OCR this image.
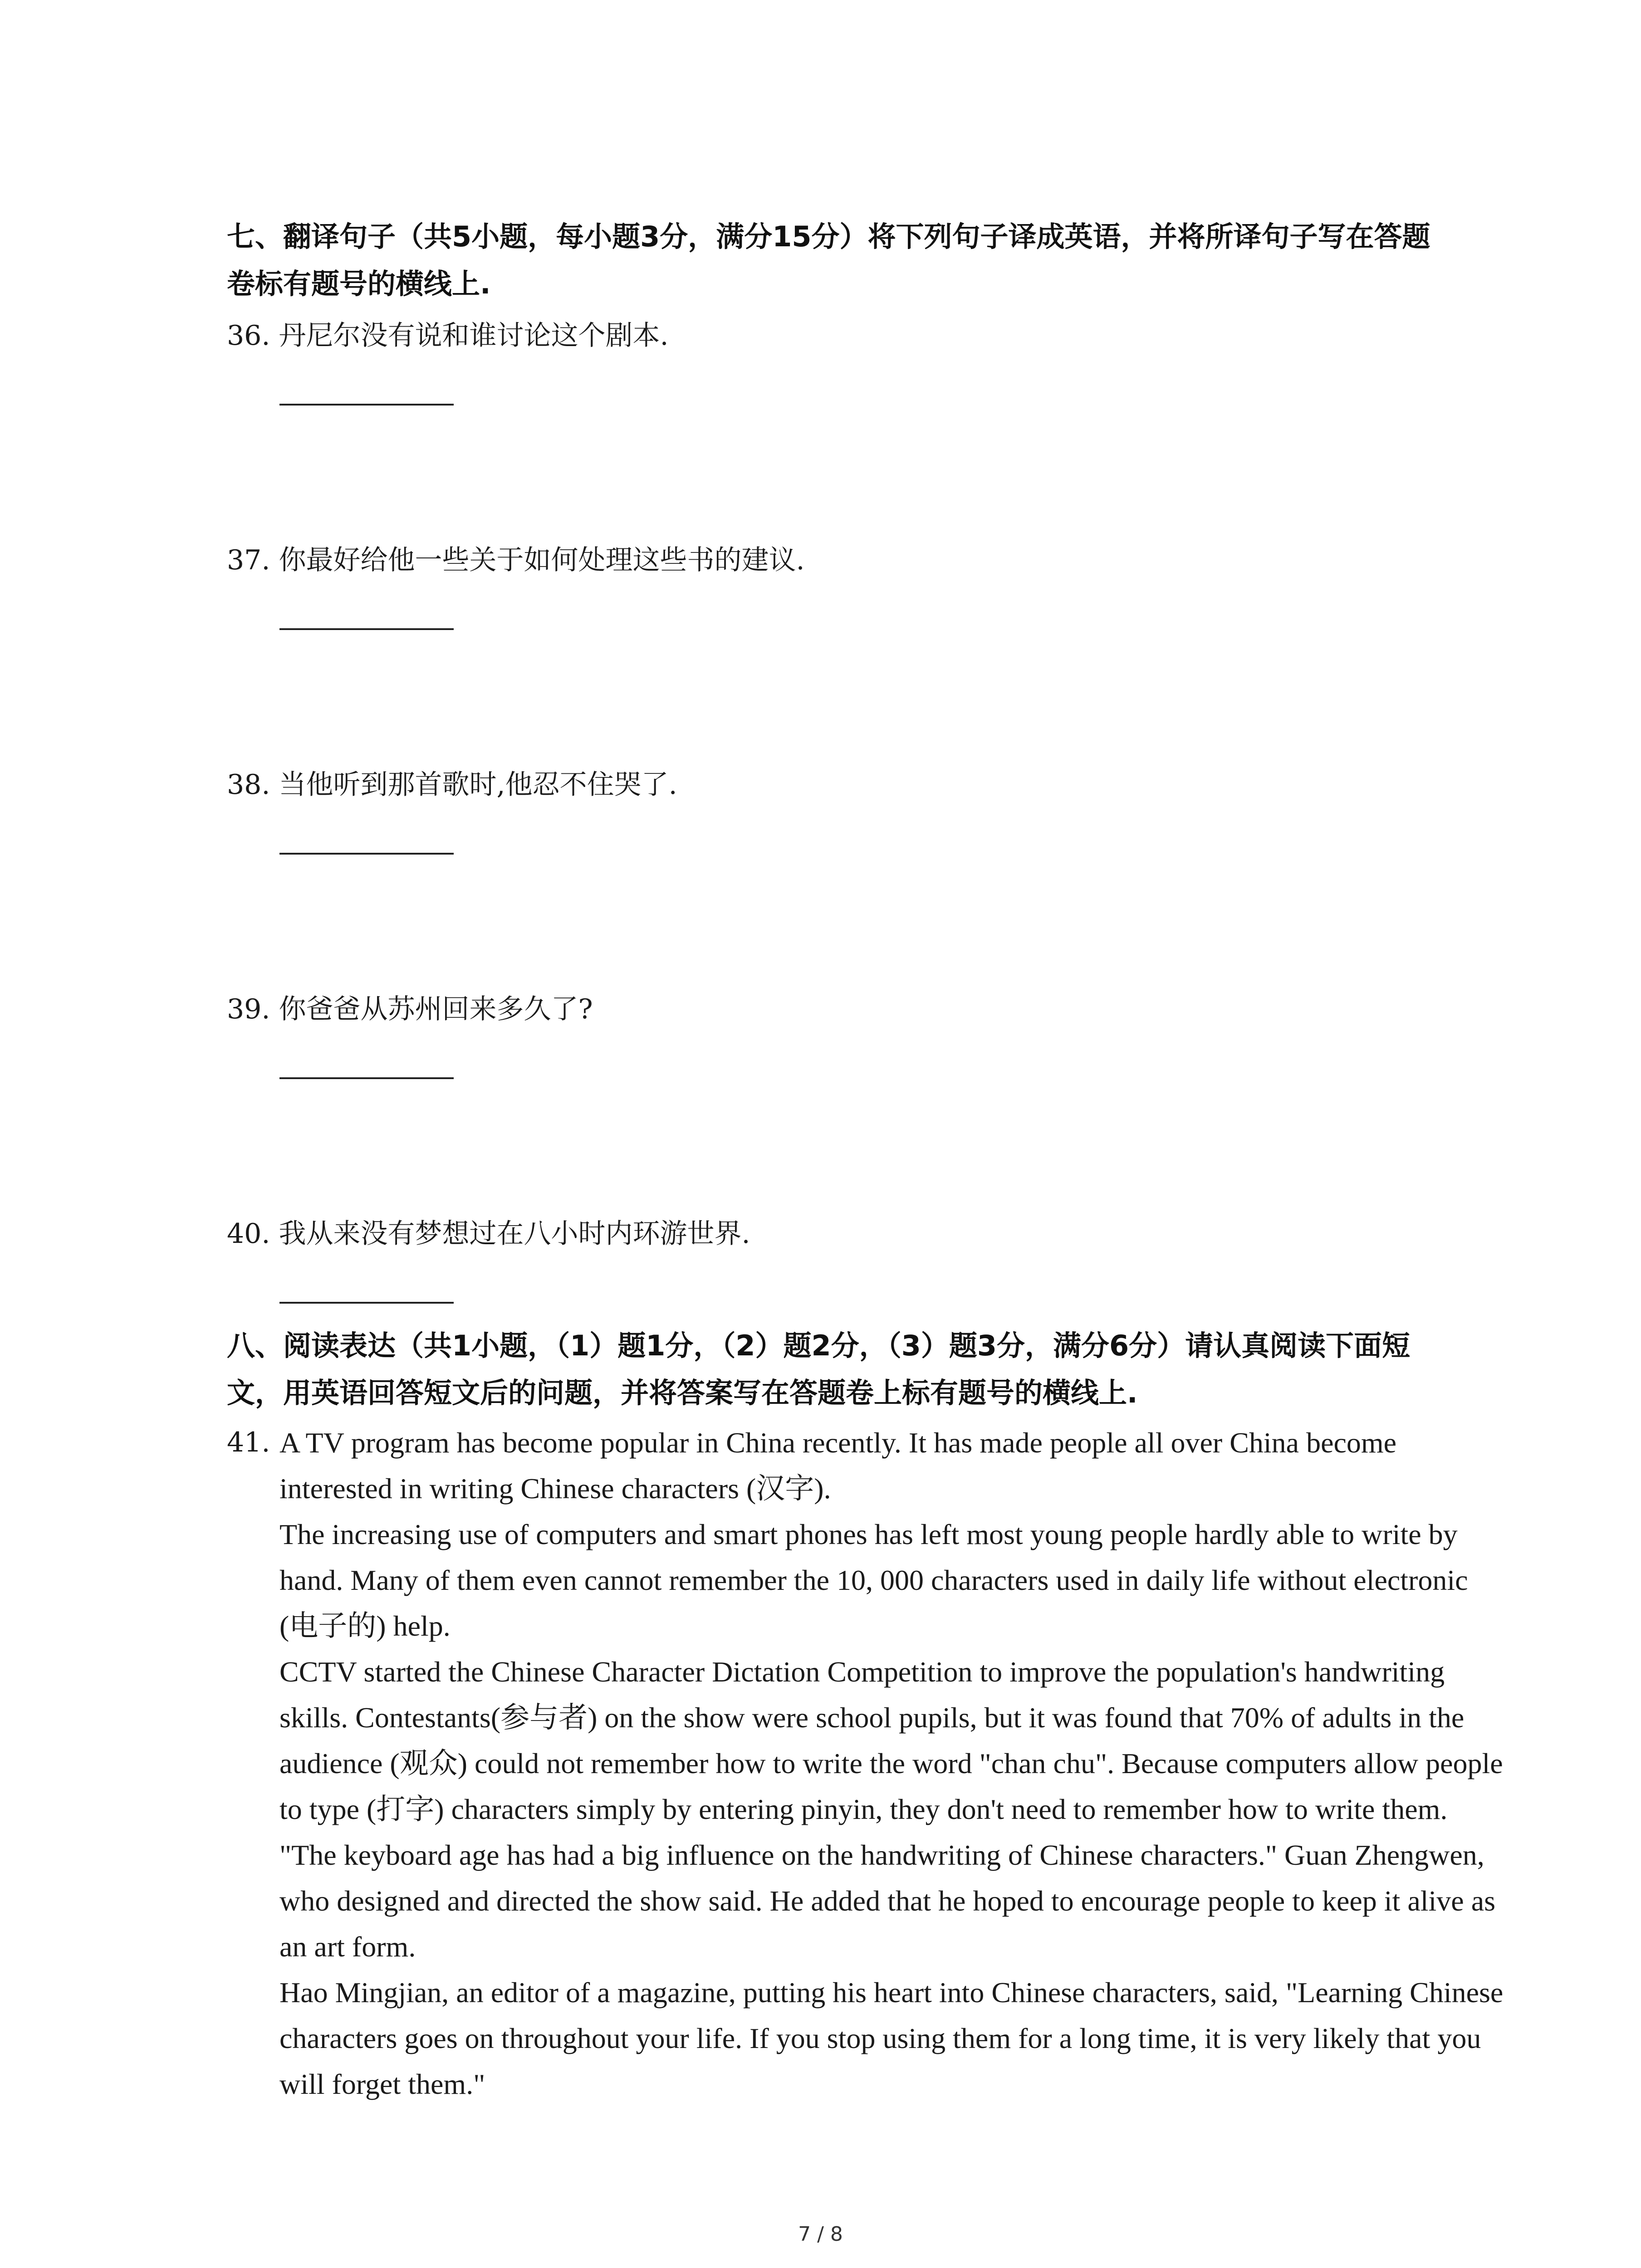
七、翻译句子（共5小题，每小题3分，满分15分）将下列句子译成英语，并将所译句子写在答题卷标有题号的横线上.
36. 丹尼尔没有说和谁讨论这个剧本.
37. 你最好给他一些关于如何处理这些书的建议.
38. 当他听到那首歌时,他忍不住哭了.
39. 你爸爸从苏州回来多久了?
40. 我从来没有梦想过在八小时内环游世界.
八、阅读表达（共1小题，（1）题1分，（2）题2分，（3）题3分，满分6分）请认真阅读下面短文，用英语回答短文后的问题，并将答案写在答题卷上标有题号的横线上.
41. A TV program has become popular in China recently. It has made people all over China become interested in writing Chinese characters (汉字).

The increasing use of computers and smart phones has left most young people hardly able to write by hand. Many of them even cannot remember the 10, 000 characters used in daily life without electronic (电子的) help.

CCTV started the Chinese Character Dictation Competition to improve the population's handwriting skills. Contestants(参与者) on the show were school pupils, but it was found that 70% of adults in the audience (观众) could not remember how to write the word "chan chu". Because computers allow people to type (打字) characters simply by entering pinyin, they don't need to remember how to write them. "The keyboard age has had a big influence on the handwriting of Chinese characters." Guan Zhengwen, who designed and directed the show said. He added that he hoped to encourage people to keep it alive as an art form.

Hao Mingjian, an editor of a magazine, putting his heart into Chinese characters, said, "Learning Chinese characters goes on throughout your life. If you stop using them for a long time, it is very likely that you will forget them."

7 / 8
